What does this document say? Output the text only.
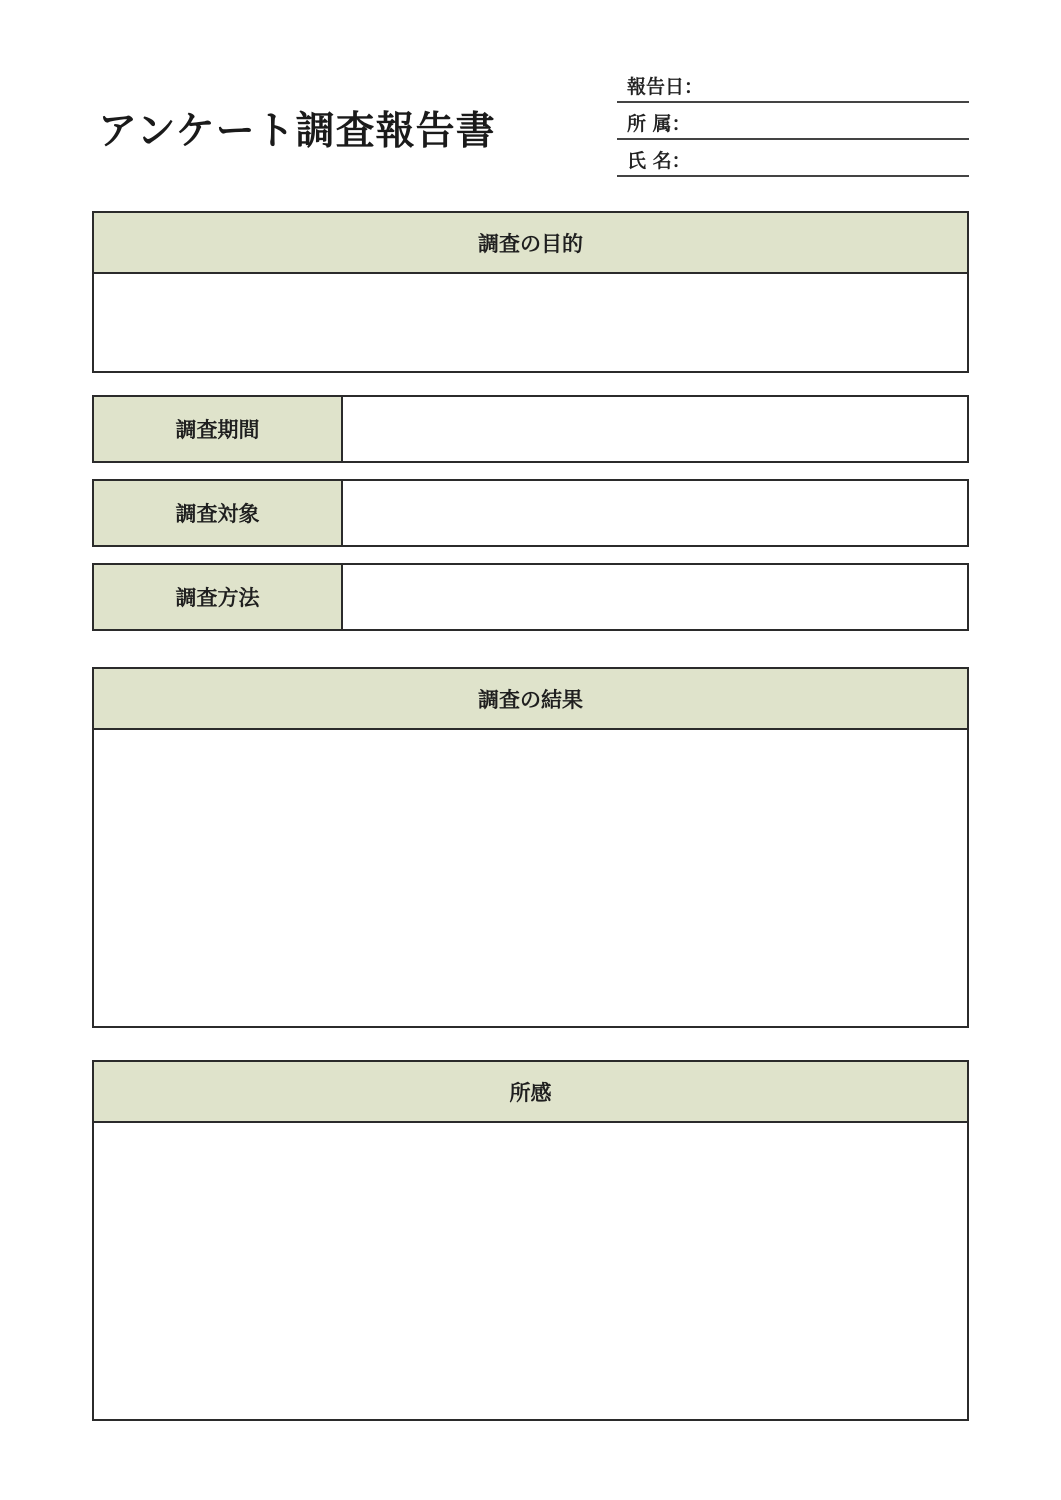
アンケート調査報告書
報告日：
所 属：
氏 名：
調査の目的
調査期間
調査対象
調査方法
調査の結果
所感
